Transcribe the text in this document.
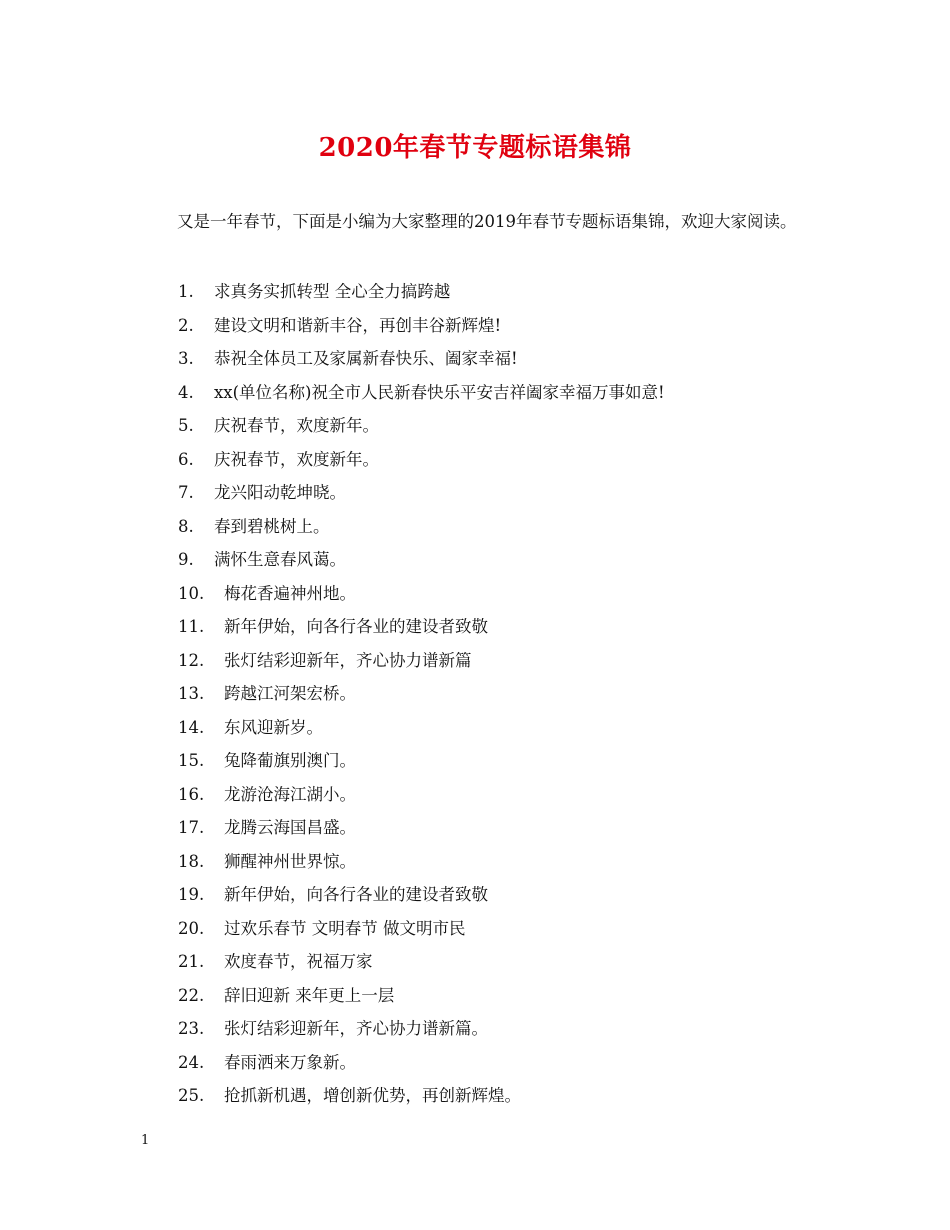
2020年春节专题标语集锦

又是一年春节，下面是小编为大家整理的2019年春节专题标语集锦，欢迎大家阅读。

1. 求真务实抓转型 全心全力搞跨越
2. 建设文明和谐新丰谷，再创丰谷新辉煌!
3. 恭祝全体员工及家属新春快乐、阖家幸福!
4. xx(单位名称)祝全市人民新春快乐平安吉祥阖家幸福万事如意!
5. 庆祝春节，欢度新年。
6. 庆祝春节，欢度新年。
7. 龙兴阳动乾坤晓。
8. 春到碧桃树上。
9. 满怀生意春风蔼。
10. 梅花香遍神州地。
11. 新年伊始，向各行各业的建设者致敬
12. 张灯结彩迎新年，齐心协力谱新篇
13. 跨越江河架宏桥。
14. 东风迎新岁。
15. 兔降葡旗别澳门。
16. 龙游沧海江湖小。
17. 龙腾云海国昌盛。
18. 狮醒神州世界惊。
19. 新年伊始，向各行各业的建设者致敬
20. 过欢乐春节 文明春节 做文明市民
21. 欢度春节，祝福万家
22. 辞旧迎新 来年更上一层
23. 张灯结彩迎新年，齐心协力谱新篇。
24. 春雨洒来万象新。
25. 抢抓新机遇，增创新优势，再创新辉煌。
1
